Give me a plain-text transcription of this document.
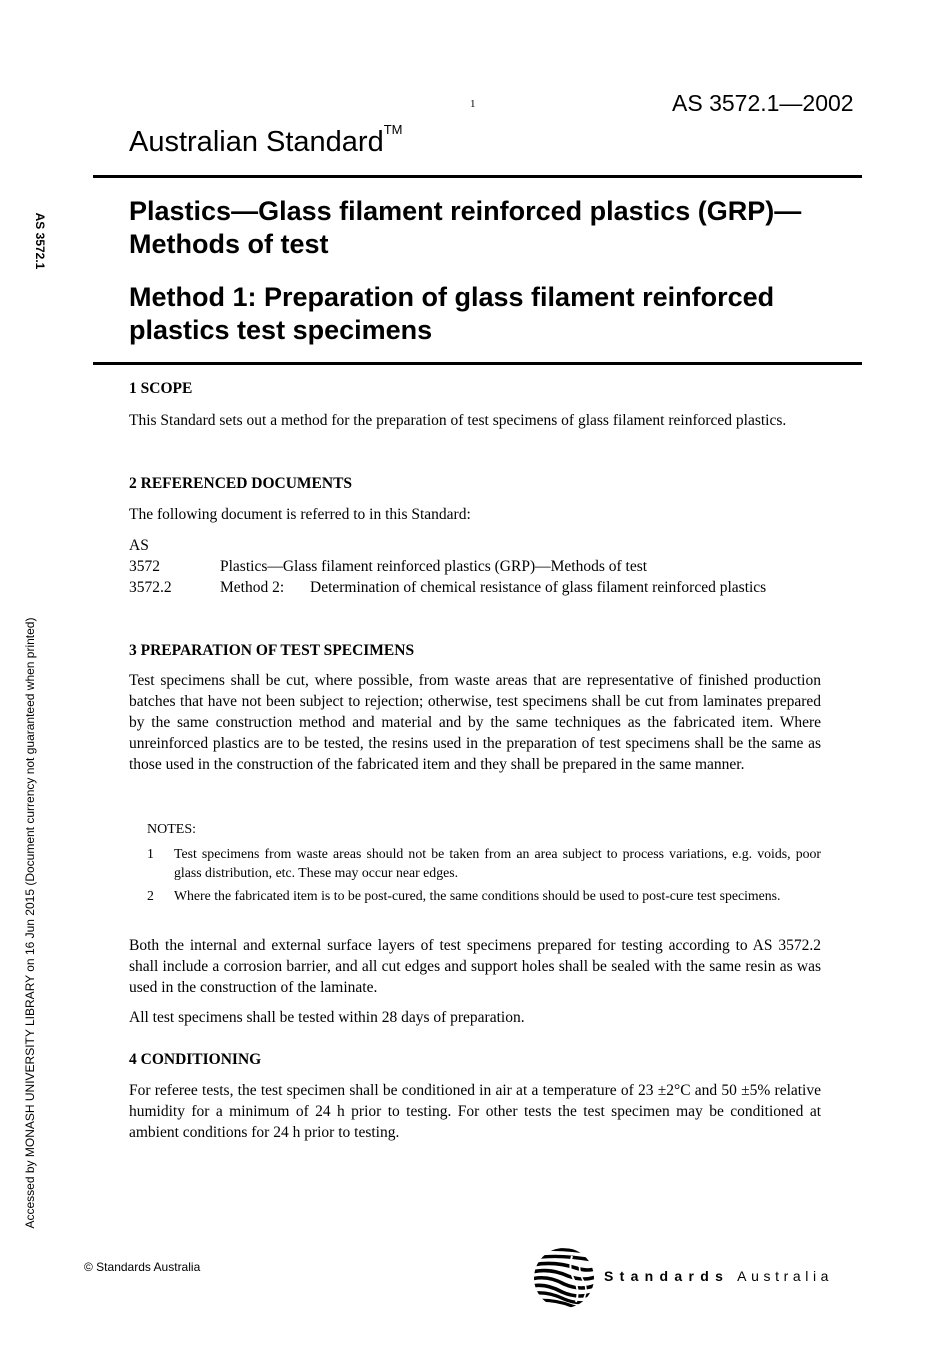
1	AS 3572.1—2002
Australian Standard™
AS 3572.1
Accessed by MONASH UNIVERSITY LIBRARY on 16 Jun 2015 (Document currency not guaranteed when printed)
Plastics—Glass filament reinforced plastics (GRP)—Methods of test
Method 1: Preparation of glass filament reinforced plastics test specimens
1 SCOPE
This Standard sets out a method for the preparation of test specimens of glass filament reinforced plastics.
2 REFERENCED DOCUMENTS
The following document is referred to in this Standard:
AS
3572	Plastics—Glass filament reinforced plastics (GRP)—Methods of test
3572.2	Method 2: Determination of chemical resistance of glass filament reinforced plastics
3 PREPARATION OF TEST SPECIMENS
Test specimens shall be cut, where possible, from waste areas that are representative of finished production batches that have not been subject to rejection; otherwise, test specimens shall be cut from laminates prepared by the same construction method and material and by the same techniques as the fabricated item. Where unreinforced plastics are to be tested, the resins used in the preparation of test specimens shall be the same as those used in the construction of the fabricated item and they shall be prepared in the same manner.
NOTES:
1 Test specimens from waste areas should not be taken from an area subject to process variations, e.g. voids, poor glass distribution, etc. These may occur near edges.
2 Where the fabricated item is to be post-cured, the same conditions should be used to post-cure test specimens.
Both the internal and external surface layers of test specimens prepared for testing according to AS 3572.2 shall include a corrosion barrier, and all cut edges and support holes shall be sealed with the same resin as was used in the construction of the laminate.
All test specimens shall be tested within 28 days of preparation.
4 CONDITIONING
For referee tests, the test specimen shall be conditioned in air at a temperature of 23 ±2°C and 50 ±5% relative humidity for a minimum of 24 h prior to testing. For other tests the test specimen may be conditioned at ambient conditions for 24 h prior to testing.
© Standards Australia
Standards Australia
